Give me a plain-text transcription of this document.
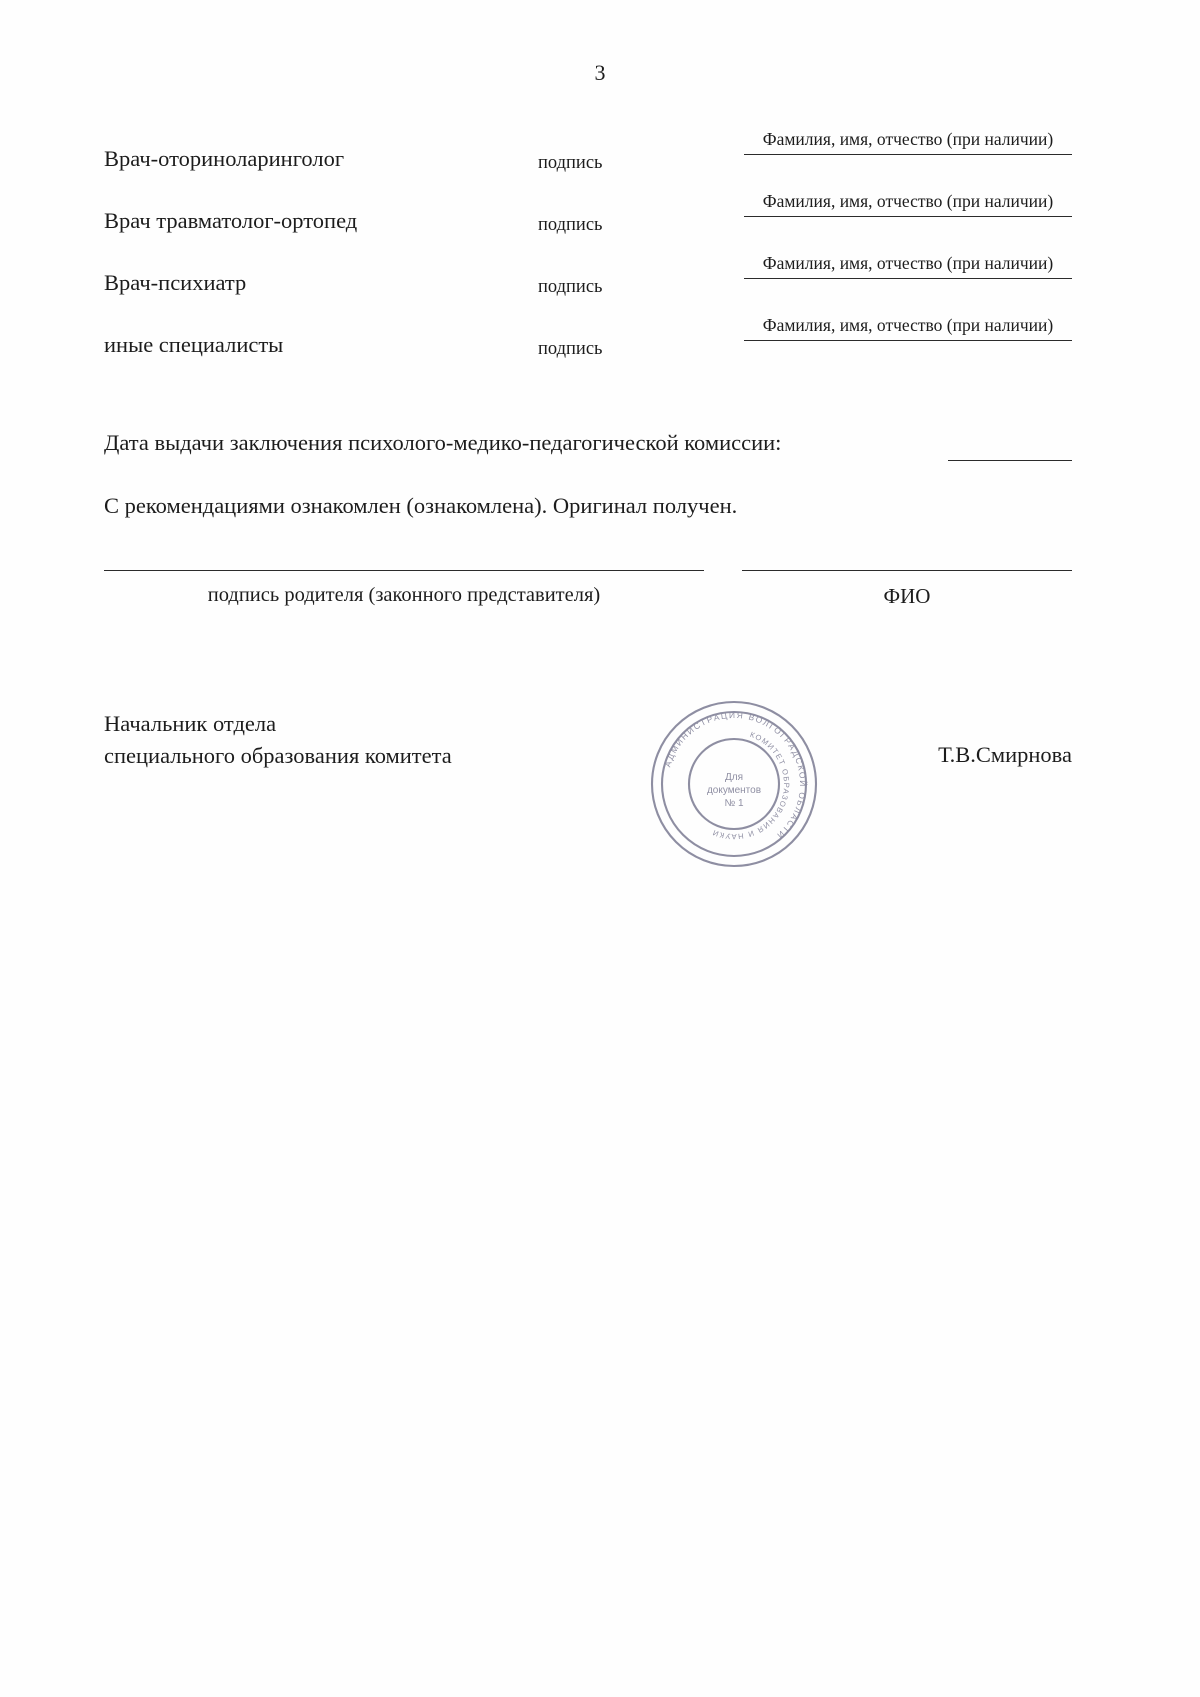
3
Врач-оториноларинголог	подпись
Фамилия, имя, отчество (при наличии)
Врач травматолог-ортопед	подпись
Фамилия, имя, отчество (при наличии)
Врач-психиатр	подпись
Фамилия, имя, отчество (при наличии)
иные специалисты	подпись
Фамилия, имя, отчество (при наличии)
Дата выдачи заключения психолого-медико-педагогической комиссии:
С рекомендациями ознакомлен (ознакомлена). Оригинал получен.
подпись родителя (законного представителя)	ФИО
Начальник отдела
специального образования комитета	Т.В.Смирнова
АДМИНИСТРАЦИЯ ВОЛГОГРАДСКОЙ ОБЛАСТИ
КОМИТЕТ ОБРАЗОВАНИЯ И НАУКИ
Для
документов
№ 1
